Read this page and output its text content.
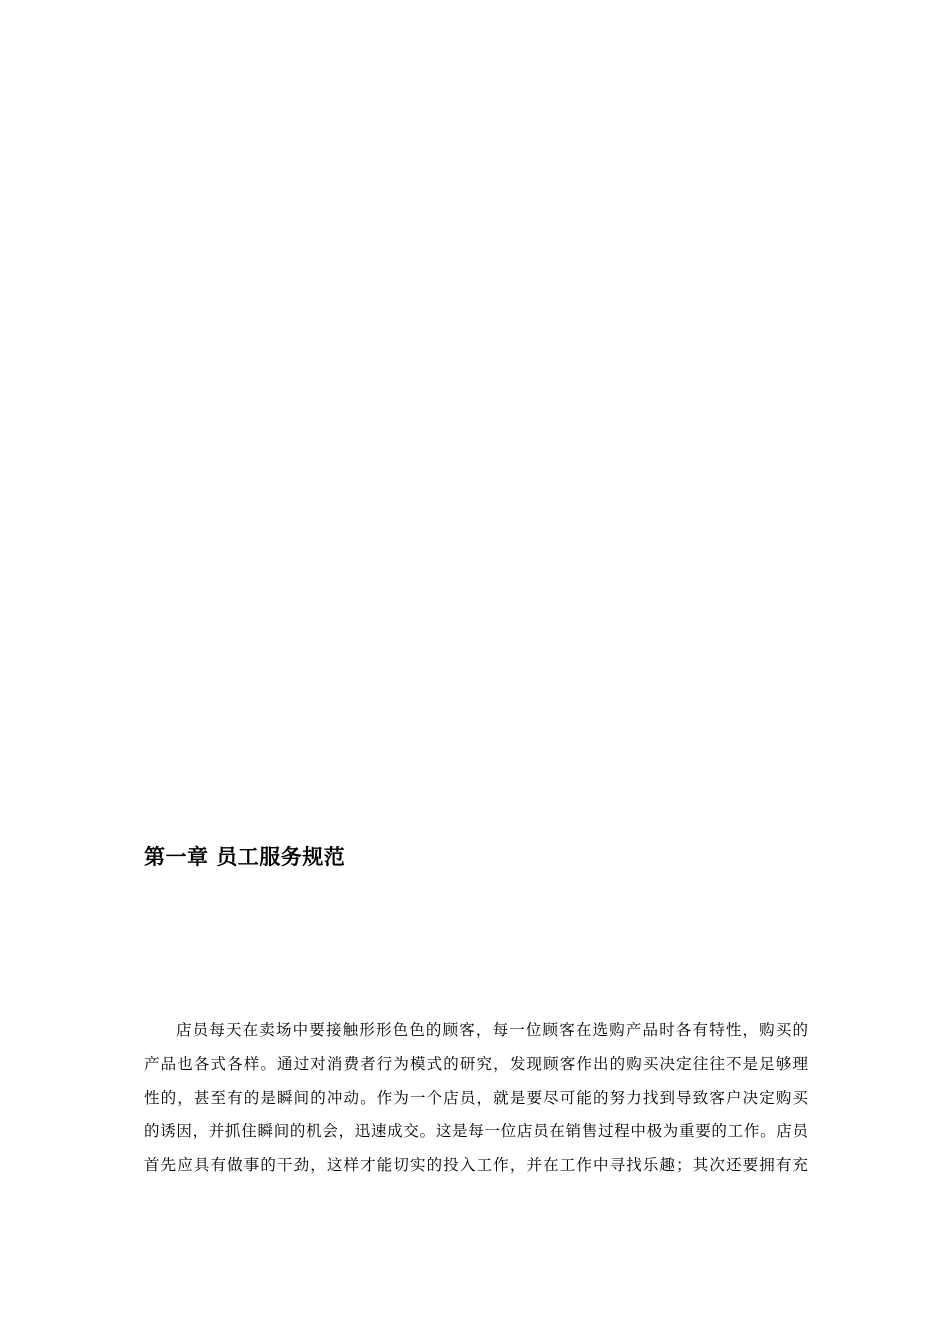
第一章 员工服务规范
店员每天在卖场中要接触形形色色的顾客，每一位顾客在选购产品时各有特性，购买的
产品也各式各样。通过对消费者行为模式的研究，发现顾客作出的购买决定往往不是足够理
性的，甚至有的是瞬间的冲动。作为一个店员，就是要尽可能的努力找到导致客户决定购买
的诱因，并抓住瞬间的机会，迅速成交。这是每一位店员在销售过程中极为重要的工作。店员
首先应具有做事的干劲，这样才能切实的投入工作，并在工作中寻找乐趣；其次还要拥有充
